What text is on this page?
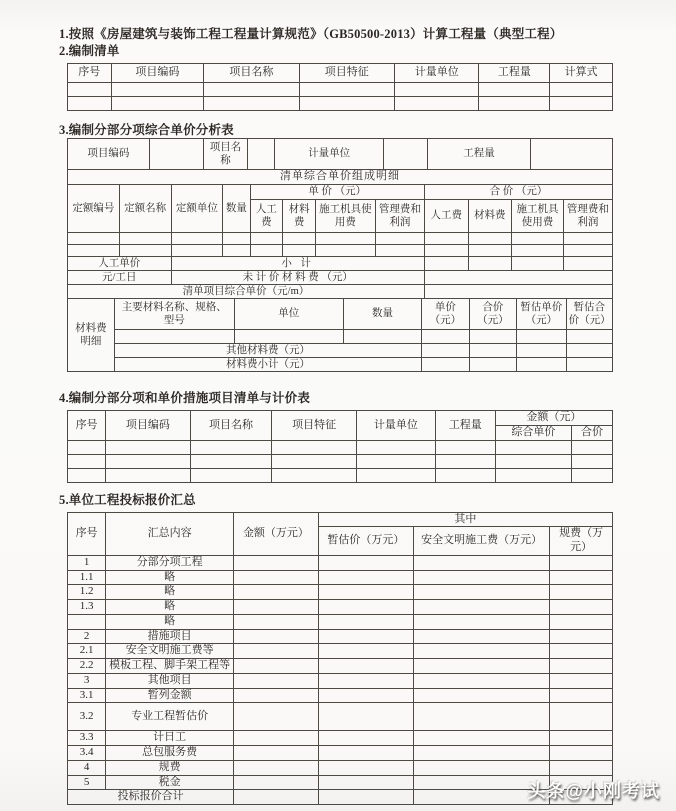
1.按照《房屋建筑与装饰工程工程量计算规范》（GB50500-2013）计算工程量（典型工程）
2.编制清单
序号	项目编码	项目名称	项目特征	计量单位	工程量	计算式

3.编制分部分项综合单价分析表
项目编码		项目名称		计量单位		工程量	
清单综合单价组成明细											
定额编号	定额名称	定额单位	数量	单 价 （元）				合 价 （元）			
				人工费	材料费	施工机具使用费	管理费和利润	人工费	材料费	施工机具使用费	管理费和利润

人工单价		小 计									
元/工日		未 计 价 材 料 费 （元）									
清单项目综合单价（元/m）											
材料费明细	主要材料名称、规格、型号	单位	数量	单价（元）	合价（元）	暂估单价（元）	暂估合价（元）

	其他材料费（元）						
	材料费小计（元）						
4.编制分部分项和单价措施项目清单与计价表
序号	项目编码	项目名称	项目特征	计量单位	工程量	金额（元）	
						综合单价	合价

5.单位工程投标报价汇总
序号	汇总内容	金额（万元）	其中		
			暂估价（万元）	安全文明施工费（万元）	规费（万元）
1	分部分项工程				
1.1	略				
1.2	略				
1.3	略				
	略				
2	措施项目				
2.1	安全文明施工费等				
2.2	模板工程、脚手架工程等				
3	其他项目				
3.1	暂列金额				
3.2	专业工程暂估价				
3.3	计日工				
3.4	总包服务费				
4	规费				
5	税金				
投标报价合计						头条@小刚考试
